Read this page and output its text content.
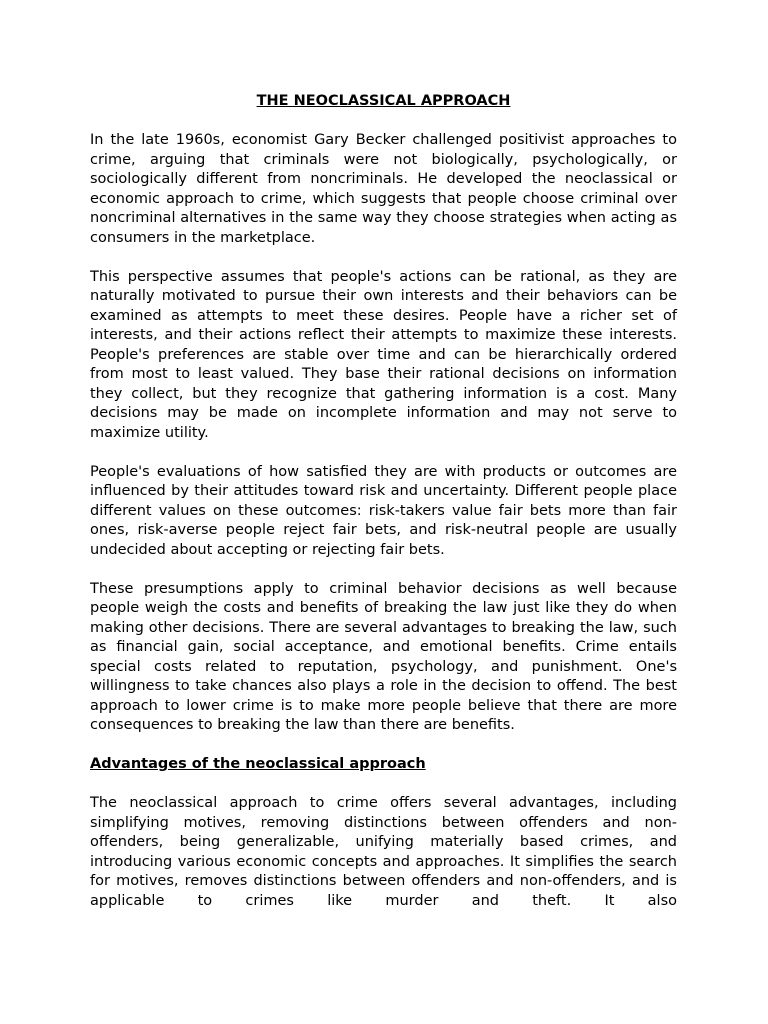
THE NEOCLASSICAL APPROACH

In the late 1960s, economist Gary Becker challenged positivist approaches to crime, arguing that criminals were not biologically, psychologically, or sociologically different from noncriminals. He developed the neoclassical or economic approach to crime, which suggests that people choose criminal over noncriminal alternatives in the same way they choose strategies when acting as consumers in the marketplace.

This perspective assumes that people's actions can be rational, as they are naturally motivated to pursue their own interests and their behaviors can be examined as attempts to meet these desires. People have a richer set of interests, and their actions reflect their attempts to maximize these interests. People's preferences are stable over time and can be hierarchically ordered from most to least valued. They base their rational decisions on information they collect, but they recognize that gathering information is a cost. Many decisions may be made on incomplete information and may not serve to maximize utility.

People's evaluations of how satisfied they are with products or outcomes are influenced by their attitudes toward risk and uncertainty. Different people place different values on these outcomes: risk-takers value fair bets more than fair ones, risk-averse people reject fair bets, and risk-neutral people are usually undecided about accepting or rejecting fair bets.

These presumptions apply to criminal behavior decisions as well because people weigh the costs and benefits of breaking the law just like they do when making other decisions. There are several advantages to breaking the law, such as financial gain, social acceptance, and emotional benefits. Crime entails special costs related to reputation, psychology, and punishment. One's willingness to take chances also plays a role in the decision to offend. The best approach to lower crime is to make more people believe that there are more consequences to breaking the law than there are benefits.

Advantages of the neoclassical approach

The neoclassical approach to crime offers several advantages, including simplifying motives, removing distinctions between offenders and non-offenders, being generalizable, unifying materially based crimes, and introducing various economic concepts and approaches. It simplifies the search for motives, removes distinctions between offenders and non-offenders, and is applicable to crimes like murder and theft. It also
